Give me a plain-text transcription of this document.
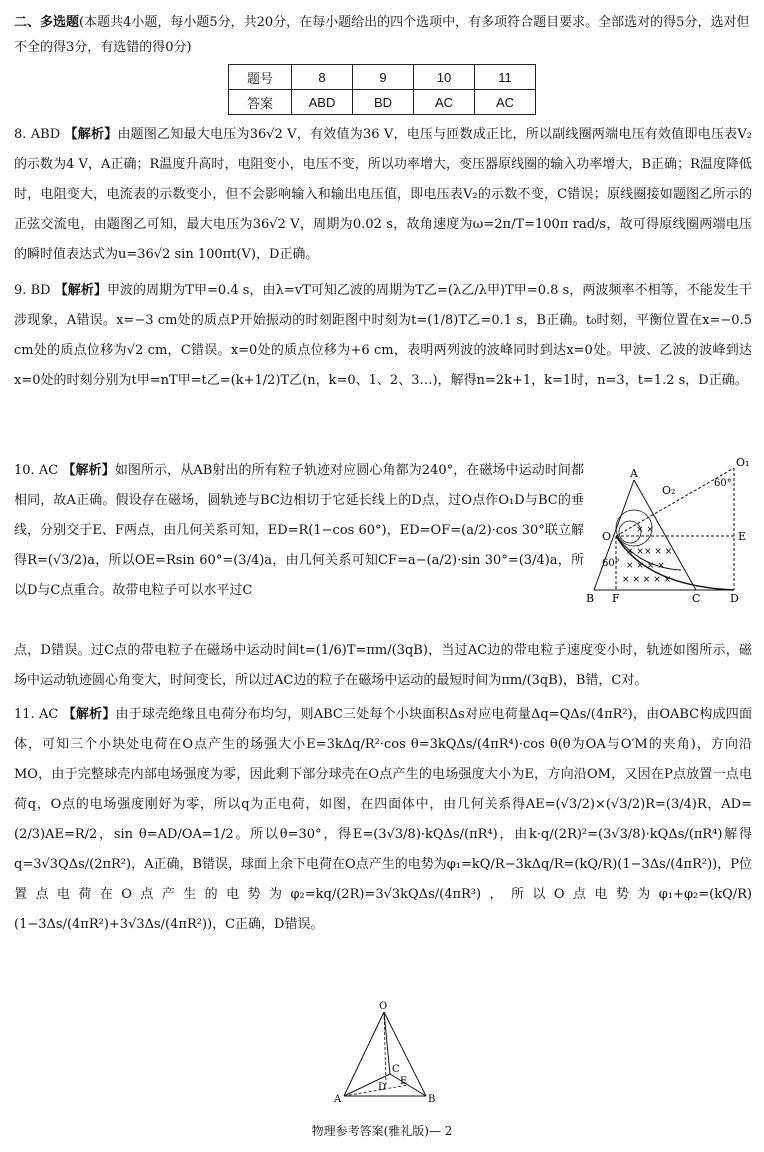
二、多选题(本题共4小题，每小题5分，共20分，在每小题给出的四个选项中，有多项符合题目要求。全部选对的得5分，选对但不全的得3分，有选错的得0分)
题号	8	9	10	11
答案	ABD	BD	AC	AC
8. ABD 【解析】由题图乙知最大电压为36√2 V，有效值为36 V，电压与匝数成正比，所以副线圈两端电压有效值即电压表V₂的示数为4 V，A正确；R温度升高时，电阻变小，电压不变，所以功率增大，变压器原线圈的输入功率增大，B正确；R温度降低时，电阻变大，电流表的示数变小，但不会影响输入和输出电压值，即电压表V₂的示数不变，C错误；原线圈接如题图乙所示的正弦交流电，由题图乙可知，最大电压为36√2 V，周期为0.02 s，故角速度为ω=2π/T=100π rad/s，故可得原线圈两端电压的瞬时值表达式为u=36√2 sin 100πt(V)，D正确。
9. BD 【解析】甲波的周期为T甲=0.4 s，由λ=vT可知乙波的周期为T乙=(λ乙/λ甲)T甲=0.8 s，两波频率不相等，不能发生干涉现象，A错误。x=−3 cm处的质点P开始振动的时刻距图中时刻为t=(1/8)T乙=0.1 s，B正确。t₀时刻，平衡位置在x=−0.5 cm处的质点位移为√2 cm，C错误。x=0处的质点位移为+6 cm，表明两列波的波峰同时到达x=0处。甲波、乙波的波峰到达x=0处的时刻分别为t甲=nT甲=t乙=(k+1/2)T乙(n，k=0、1、2、3…)，解得n=2k+1，k=1时，n=3，t=1.2 s，D正确。
10. AC 【解析】如图所示，从AB射出的所有粒子轨迹对应圆心角都为240°，在磁场中运动时间都相同，故A正确。假设存在磁场，圆轨迹与BC边相切于它延长线上的D点，过O点作O₁D与BC的垂线，分别交于E、F两点，由几何关系可知，ED=R(1−cos 60°)，ED=OF=(a/2)·cos 30°联立解得R=(√3/2)a，所以OE=Rsin 60°=(3/4)a，由几何关系可知CF=a−(a/2)·sin 30°=(3/4)a，所以D与C点重合。故带电粒子可以水平过C
点，D错误。过C点的带电粒子在磁场中运动时间t=(1/6)T=πm/(3qB)，当过AC边的带电粒子速度变小时，轨迹如图所示，磁场中运动轨迹圆心角变大，时间变长，所以过AC边的粒子在磁场中运动的最短时间为πm/(3qB)，B错，C对。
× × × × ×
× × × ×
× × × × ×
× ×
O₁
A
O₂
O	E
B F	C	D
60°
60°
11. AC 【解析】由于球壳绝缘且电荷分布均匀，则ABC三处每个小块面积Δs对应电荷量Δq=QΔs/(4πR²)，由OABC构成四面体，可知三个小块处电荷在O点产生的场强大小E=3kΔq/R²·cos θ=3kQΔs/(4πR⁴)·cos θ(θ为OA与O′M的夹角)，方向沿MO，由于完整球壳内部电场强度为零，因此剩下部分球壳在O点产生的电场强度大小为E，方向沿OM，又因在P点放置一点电荷q，O点的电场强度刚好为零，所以q为正电荷，如图，在四面体中，由几何关系得AE=(√3/2)×(√3/2)R=(3/4)R，AD=(2/3)AE=R/2，sin θ=AD/OA=1/2。所以θ=30°，得E=(3√3/8)·kQΔs/(πR⁴)，由k·q/(2R)²=(3√3/8)·kQΔs/(πR⁴)解得q=3√3QΔs/(2πR²)，A正确，B错误，球面上余下电荷在O点产生的电势为φ₁=kQ/R−3kΔq/R=(kQ/R)(1−3Δs/(4πR²))，P位置点电荷在O点产生的电势为φ₂=kq/(2R)=3√3kQΔs/(4πR³)，所以O点电势为φ₁+φ₂=(kQ/R)(1−3Δs/(4πR²)+3√3Δs/(4πR²))，C正确，D错误。
O
A	B
C
D
E
物理参考答案(雅礼版)— 2
